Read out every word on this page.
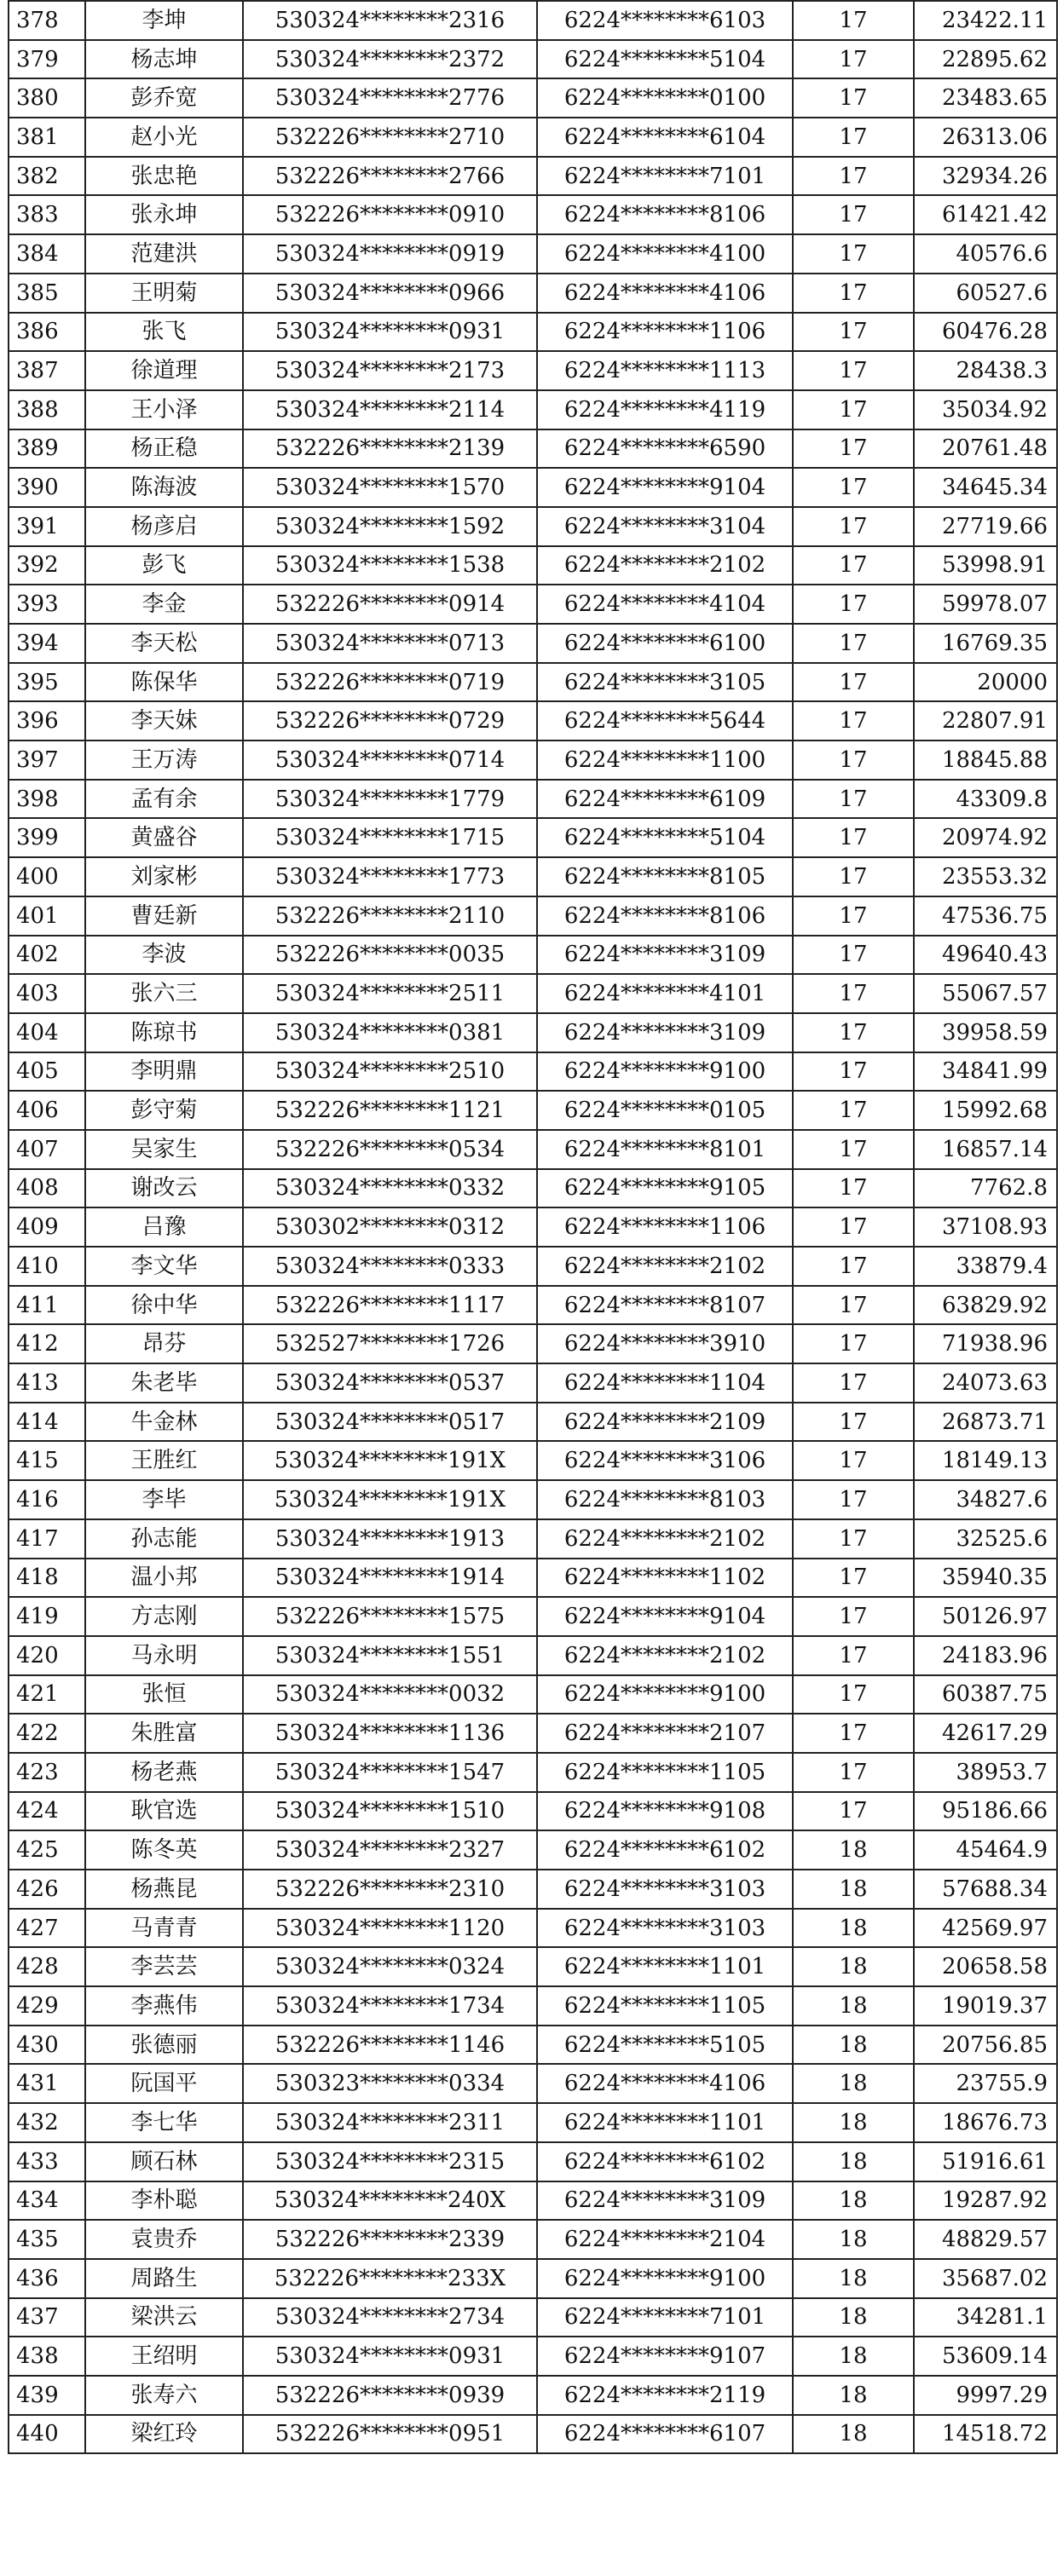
378	李坤	530324********2316	6224********6103	17	23422.11
379	杨志坤	530324********2372	6224********5104	17	22895.62
380	彭乔宽	530324********2776	6224********0100	17	23483.65
381	赵小光	532226********2710	6224********6104	17	26313.06
382	张忠艳	532226********2766	6224********7101	17	32934.26
383	张永坤	532226********0910	6224********8106	17	61421.42
384	范建洪	530324********0919	6224********4100	17	40576.6
385	王明菊	530324********0966	6224********4106	17	60527.6
386	张飞	530324********0931	6224********1106	17	60476.28
387	徐道理	530324********2173	6224********1113	17	28438.3
388	王小泽	530324********2114	6224********4119	17	35034.92
389	杨正稳	532226********2139	6224********6590	17	20761.48
390	陈海波	530324********1570	6224********9104	17	34645.34
391	杨彦启	530324********1592	6224********3104	17	27719.66
392	彭飞	530324********1538	6224********2102	17	53998.91
393	李金	532226********0914	6224********4104	17	59978.07
394	李天松	530324********0713	6224********6100	17	16769.35
395	陈保华	532226********0719	6224********3105	17	20000
396	李天妹	532226********0729	6224********5644	17	22807.91
397	王万涛	530324********0714	6224********1100	17	18845.88
398	孟有余	530324********1779	6224********6109	17	43309.8
399	黄盛谷	530324********1715	6224********5104	17	20974.92
400	刘家彬	530324********1773	6224********8105	17	23553.32
401	曹廷新	532226********2110	6224********8106	17	47536.75
402	李波	532226********0035	6224********3109	17	49640.43
403	张六三	530324********2511	6224********4101	17	55067.57
404	陈琼书	530324********0381	6224********3109	17	39958.59
405	李明鼎	530324********2510	6224********9100	17	34841.99
406	彭守菊	532226********1121	6224********0105	17	15992.68
407	吴家生	532226********0534	6224********8101	17	16857.14
408	谢改云	530324********0332	6224********9105	17	7762.8
409	吕豫	530302********0312	6224********1106	17	37108.93
410	李文华	530324********0333	6224********2102	17	33879.4
411	徐中华	532226********1117	6224********8107	17	63829.92
412	昂芬	532527********1726	6224********3910	17	71938.96
413	朱老毕	530324********0537	6224********1104	17	24073.63
414	牛金林	530324********0517	6224********2109	17	26873.71
415	王胜红	530324********191X	6224********3106	17	18149.13
416	李毕	530324********191X	6224********8103	17	34827.6
417	孙志能	530324********1913	6224********2102	17	32525.6
418	温小邦	530324********1914	6224********1102	17	35940.35
419	方志刚	532226********1575	6224********9104	17	50126.97
420	马永明	530324********1551	6224********2102	17	24183.96
421	张恒	530324********0032	6224********9100	17	60387.75
422	朱胜富	530324********1136	6224********2107	17	42617.29
423	杨老燕	530324********1547	6224********1105	17	38953.7
424	耿官选	530324********1510	6224********9108	17	95186.66
425	陈冬英	530324********2327	6224********6102	18	45464.9
426	杨燕昆	532226********2310	6224********3103	18	57688.34
427	马青青	530324********1120	6224********3103	18	42569.97
428	李芸芸	530324********0324	6224********1101	18	20658.58
429	李燕伟	530324********1734	6224********1105	18	19019.37
430	张德丽	532226********1146	6224********5105	18	20756.85
431	阮国平	530323********0334	6224********4106	18	23755.9
432	李七华	530324********2311	6224********1101	18	18676.73
433	顾石林	530324********2315	6224********6102	18	51916.61
434	李朴聪	530324********240X	6224********3109	18	19287.92
435	袁贵乔	532226********2339	6224********2104	18	48829.57
436	周路生	532226********233X	6224********9100	18	35687.02
437	梁洪云	530324********2734	6224********7101	18	34281.1
438	王绍明	530324********0931	6224********9107	18	53609.14
439	张寿六	532226********0939	6224********2119	18	9997.29
440	梁红玲	532226********0951	6224********6107	18	14518.72
